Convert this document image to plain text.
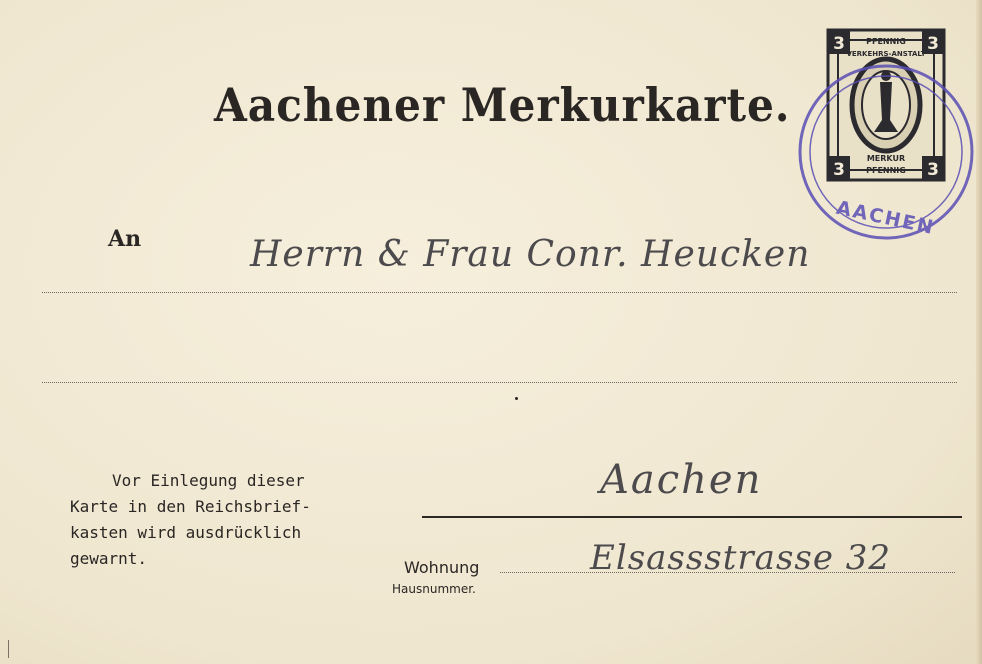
Aachener Merkurkarte.
An	Herrn & Frau Conr. Heucken
Aachen
Vor Einlegung dieser
Karte in den Reichsbrief-
kasten wird ausdrücklich
gewarnt.	Wohnung
Hausnummer.
Elsassstrasse 32
3	3
3	3
PFENNIG
PFENNIG
MERKUR
VERKEHRS-ANSTALT
AACHEN
